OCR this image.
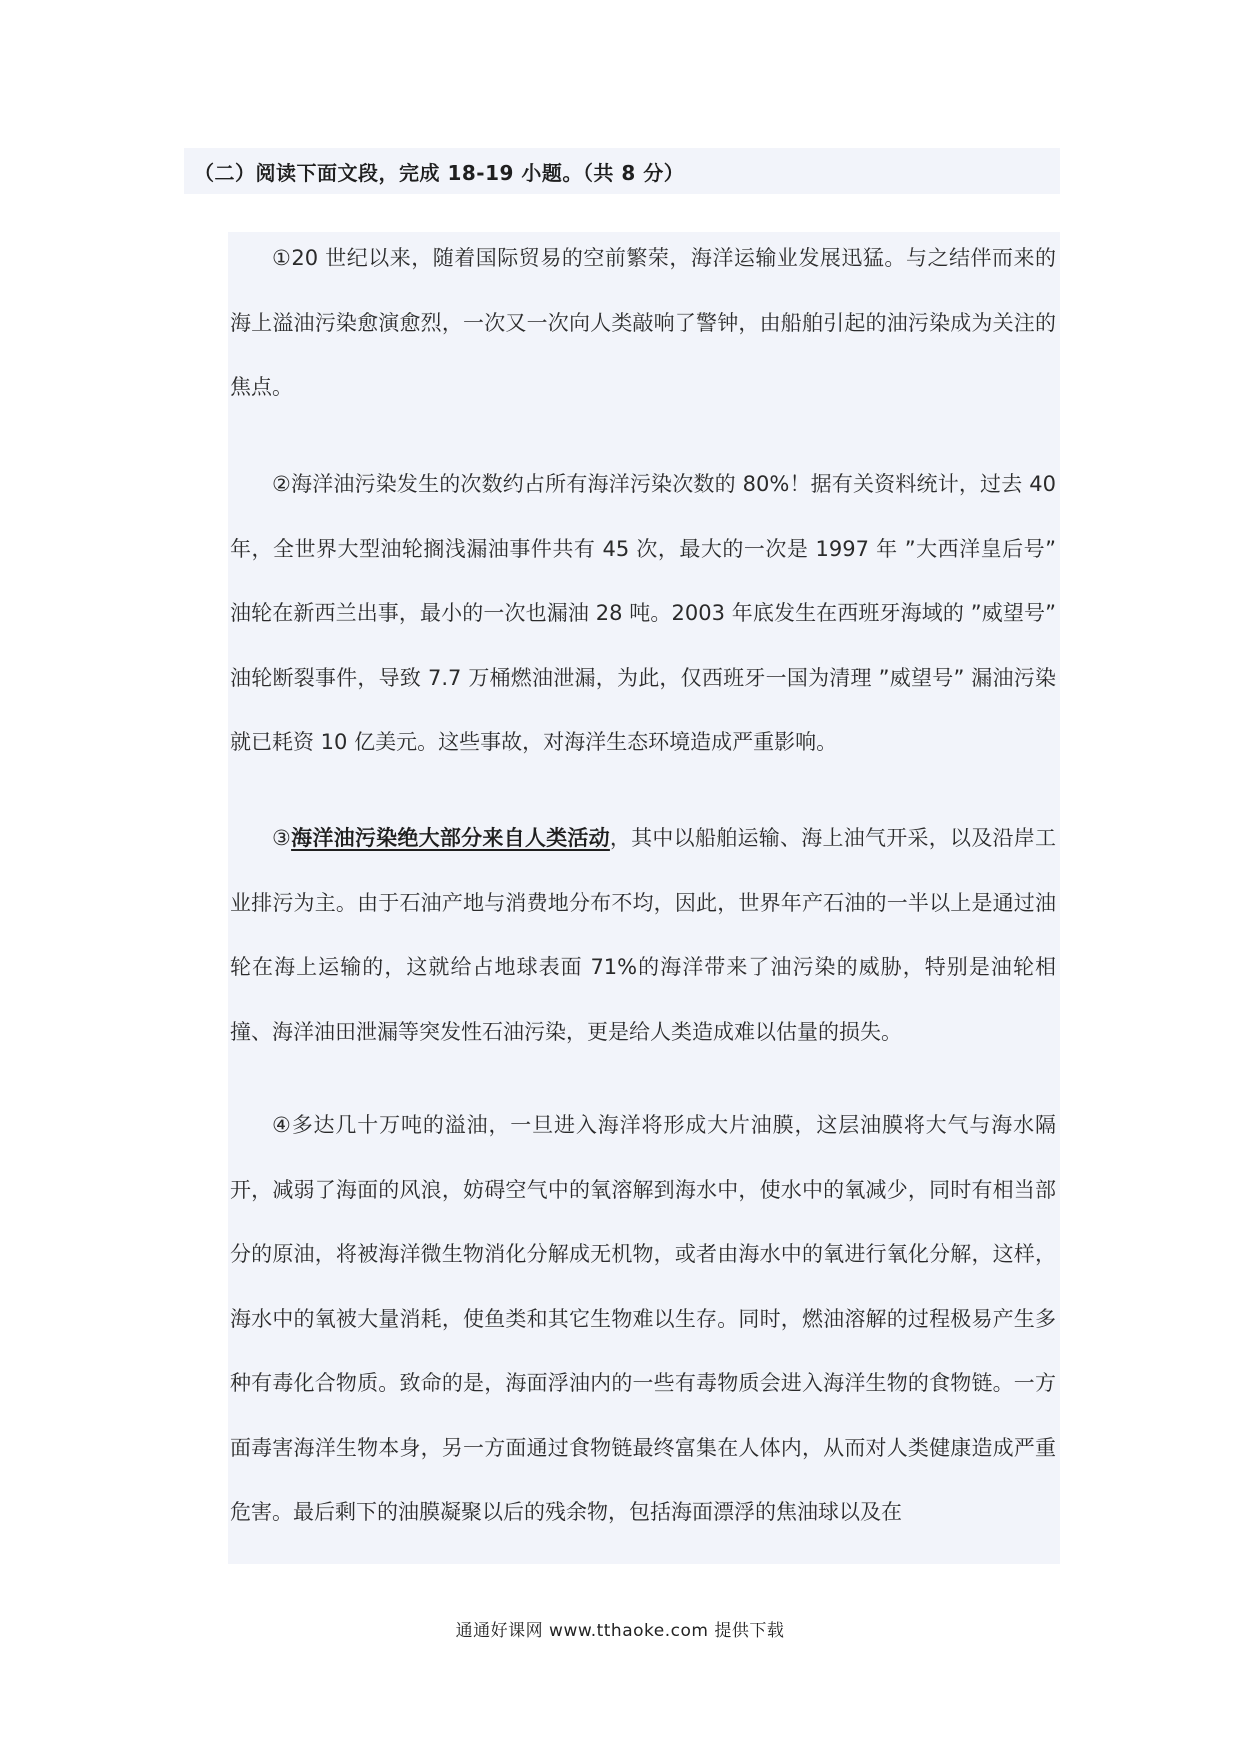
（二）阅读下面文段，完成 18-19 小题。（共 8 分）

①20 世纪以来，随着国际贸易的空前繁荣，海洋运输业发展迅猛。与之结伴而来的海上溢油污染愈演愈烈，一次又一次向人类敲响了警钟，由船舶引起的油污染成为关注的焦点。

②海洋油污染发生的次数约占所有海洋污染次数的 80%！据有关资料统计，过去 40 年，全世界大型油轮搁浅漏油事件共有 45 次，最大的一次是 1997 年 ”大西洋皇后号” 油轮在新西兰出事，最小的一次也漏油 28 吨。2003 年底发生在西班牙海域的 ”威望号” 油轮断裂事件，导致 7.7 万桶燃油泄漏，为此，仅西班牙一国为清理 ”威望号” 漏油污染就已耗资 10 亿美元。这些事故，对海洋生态环境造成严重影响。

③海洋油污染绝大部分来自人类活动，其中以船舶运输、海上油气开采，以及沿岸工业排污为主。由于石油产地与消费地分布不均，因此，世界年产石油的一半以上是通过油轮在海上运输的，这就给占地球表面 71%的海洋带来了油污染的威胁，特别是油轮相撞、海洋油田泄漏等突发性石油污染，更是给人类造成难以估量的损失。

④多达几十万吨的溢油，一旦进入海洋将形成大片油膜，这层油膜将大气与海水隔开，减弱了海面的风浪，妨碍空气中的氧溶解到海水中，使水中的氧减少，同时有相当部分的原油，将被海洋微生物消化分解成无机物，或者由海水中的氧进行氧化分解，这样，海水中的氧被大量消耗，使鱼类和其它生物难以生存。同时，燃油溶解的过程极易产生多种有毒化合物质。致命的是，海面浮油内的一些有毒物质会进入海洋生物的食物链。一方面毒害海洋生物本身，另一方面通过食物链最终富集在人体内，从而对人类健康造成严重危害。最后剩下的油膜凝聚以后的残余物，包括海面漂浮的焦油球以及在

通通好课网 www.tthaoke.com 提供下载
